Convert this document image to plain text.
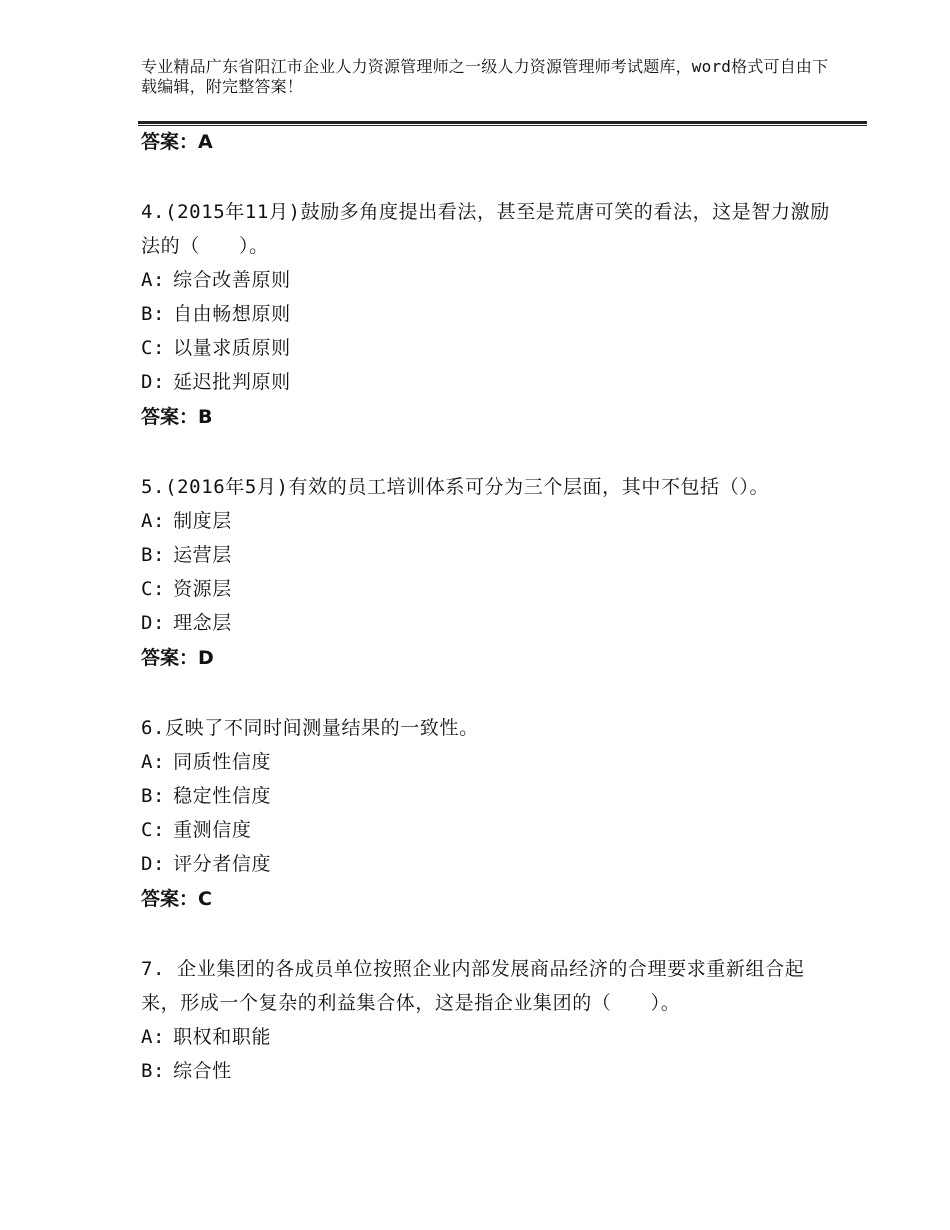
专业精品广东省阳江市企业人力资源管理师之一级人力资源管理师考试题库，word格式可自由下载编辑，附完整答案！

答案：A

4.(2015年11月)鼓励多角度提出看法，甚至是荒唐可笑的看法，这是智力激励法的（　　）。

A: 综合改善原则

B: 自由畅想原则

C: 以量求质原则

D: 延迟批判原则

答案：B

5.(2016年5月)有效的员工培训体系可分为三个层面，其中不包括（）。

A: 制度层

B: 运营层

C: 资源层

D: 理念层

答案：D

6.反映了不同时间测量结果的一致性。

A: 同质性信度

B: 稳定性信度

C: 重测信度

D: 评分者信度

答案：C

7. 企业集团的各成员单位按照企业内部发展商品经济的合理要求重新组合起来，形成一个复杂的利益集合体，这是指企业集团的（　　）。

A: 职权和职能

B: 综合性
